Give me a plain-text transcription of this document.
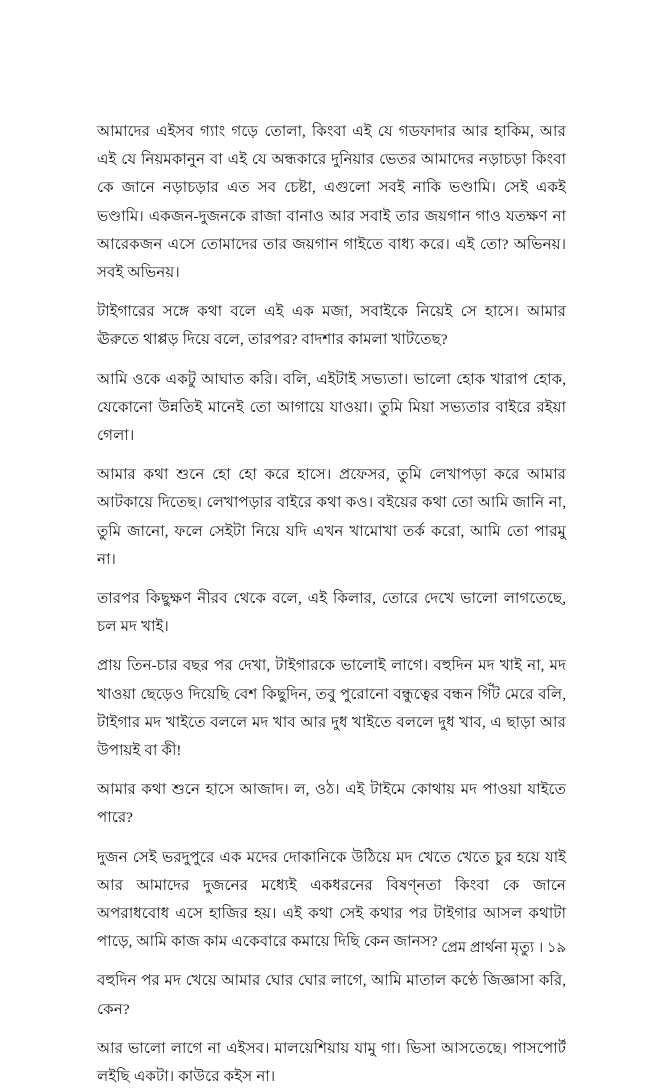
আমাদের এইসব গ্যাং গড়ে তোলা, কিংবা এই যে গডফাদার আর হাকিম, আর এই যে নিয়মকানুন বা এই যে অন্ধকারে দুনিয়ার ভেতর আমাদের নড়াচড়া কিংবা কে জানে নড়াচড়ার এত সব চেষ্টা, এগুলো সবই নাকি ভণ্ডামি। সেই একই ভণ্ডামি। একজন-দুজনকে রাজা বানাও আর সবাই তার জয়গান গাও যতক্ষণ না আরেকজন এসে তোমাদের তার জয়গান গাইতে বাধ্য করে। এই তো? অভিনয়। সবই অভিনয়।

টাইগারের সঙ্গে কথা বলে এই এক মজা, সবাইকে নিয়েই সে হাসে। আমার ঊরুতে থাপ্পড় দিয়ে বলে, তারপর? বাদশার কামলা খাটতেছ?

আমি ওকে একটু আঘাত করি। বলি, এইটাই সভ্যতা। ভালো হোক খারাপ হোক, যেকোনো উন্নতিই মানেই তো আগায়ে যাওয়া। তুমি মিয়া সভ্যতার বাইরে রইয়া গেলা।

আমার কথা শুনে হো হো করে হাসে। প্রফেসর, তুমি লেখাপড়া করে আমার আটকায়ে দিতেছ। লেখাপড়ার বাইরে কথা কও। বইয়ের কথা তো আমি জানি না, তুমি জানো, ফলে সেইটা নিয়ে যদি এখন খামোখা তর্ক করো, আমি তো পারমু না।

তারপর কিছুক্ষণ নীরব থেকে বলে, এই কিলার, তোরে দেখে ভালো লাগতেছে, চল মদ খাই।

প্রায় তিন-চার বছর পর দেখা, টাইগারকে ভালোই লাগে। বহুদিন মদ খাই না, মদ খাওয়া ছেড়েও দিয়েছি বেশ কিছুদিন, তবু পুরোনো বন্ধুত্বের বন্ধন গিঁট মেরে বলি, টাইগার মদ খাইতে বললে মদ খাব আর দুধ খাইতে বললে দুধ খাব, এ ছাড়া আর উপায়ই বা কী!

আমার কথা শুনে হাসে আজাদ। ল, ওঠ। এই টাইমে কোথায় মদ পাওয়া যাইতে পারে?

দুজন সেই ভরদুপুরে এক মদের দোকানিকে উঠিয়ে মদ খেতে খেতে চুর হয়ে যাই আর আমাদের দুজনের মধ্যেই একধরনের বিষণ্নতা কিংবা কে জানে অপরাধবোধ এসে হাজির হয়। এই কথা সেই কথার পর টাইগার আসল কথাটা পাড়ে, আমি কাজ কাম একেবারে কমায়ে দিছি কেন জানস?

বহুদিন পর মদ খেয়ে আমার ঘোর ঘোর লাগে, আমি মাতাল কণ্ঠে জিজ্ঞাসা করি, কেন?

আর ভালো লাগে না এইসব। মালয়েশিয়ায় যামু গা। ভিসা আসতেছে। পাসপোর্ট লইছি একটা। কাউরে কইস না।

প্রেম প্রার্থনা মৃত্যু । ১৯
